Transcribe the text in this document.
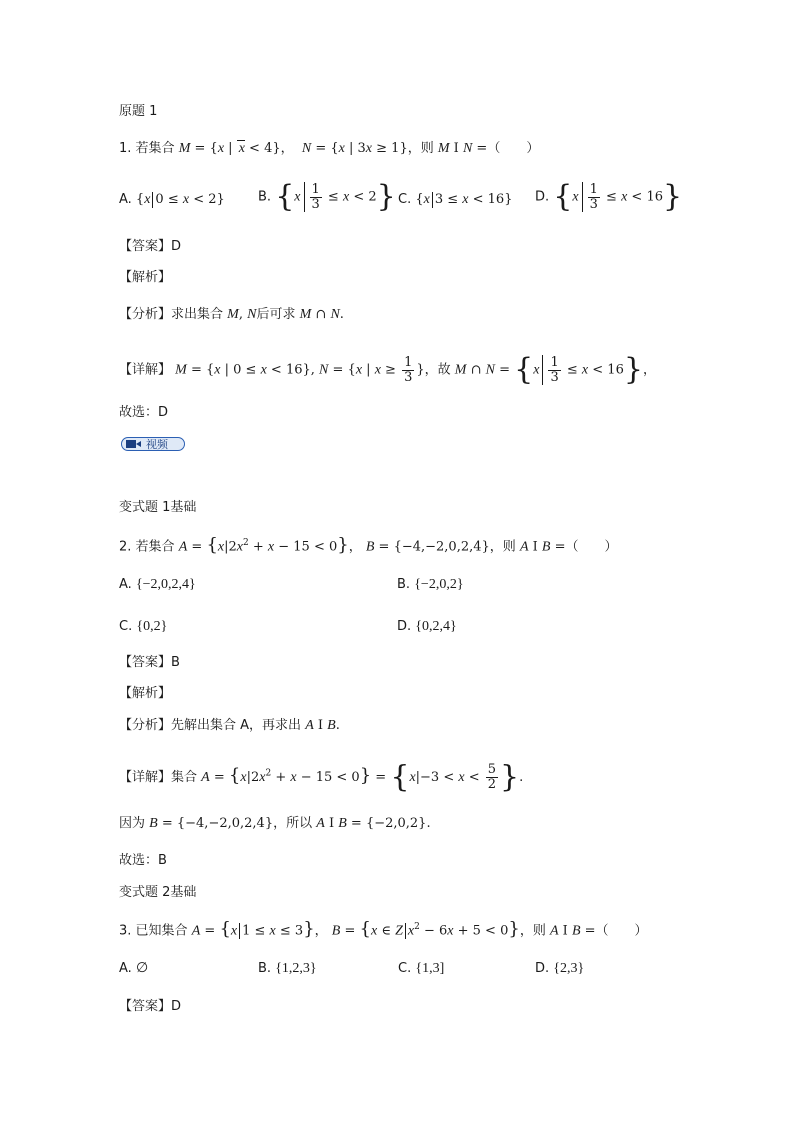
原题 1
1. 若集合 M = {x | x < 4}，  N = {x | 3x ≥ 1}，则 M I N =（　　）
A. {x 0 ≤ x < 2}	B. $\{x \frac{1}{3} \le x < 2\}$ C. {x 3 ≤ x < 16} D. $\{x \frac{1}{3} \le x < 16\}$
【答案】D
【解析】
【分析】求出集合 M, N后可求 M ∩ N.
【详解】 M = {x | 0 ≤ x < 16}, N = {x | $x \ge \frac{1}{3}$ }，故 M ∩ $N = \{x \frac{1}{3} \le x < 16\}$，
故选：D
视频
变式题 1基础
2. 若集合 $A = \{x|2x^2 + x - 15 < 0\}$， B = {−4,−2,0,2,4}，则 A I B =（　　）
A. {−2,0,2,4}	B. {−2,0,2}
C. {0,2}	D. {0,2,4}
【答案】B
【解析】
【分析】先解出集合 A，再求出 A I B.
【详解】集合 $A = \{x|2x^2 + x - 15 < 0\} = \{x|-3 < x < \frac{5}{2}$ }.
因为 B = {−4,−2,0,2,4}，所以 A I B = {−2,0,2}.
故选：B
变式题 2基础
3. 已知集合 A = {x 1 ≤ x ≤ 3}， B = {x ∈ Z $x^2 - 6x + 5 < 0$}，则 A I B =（　　）
A. ∅	B. {1,2,3}	C. {1,3]	D. {2,3}
【答案】D
